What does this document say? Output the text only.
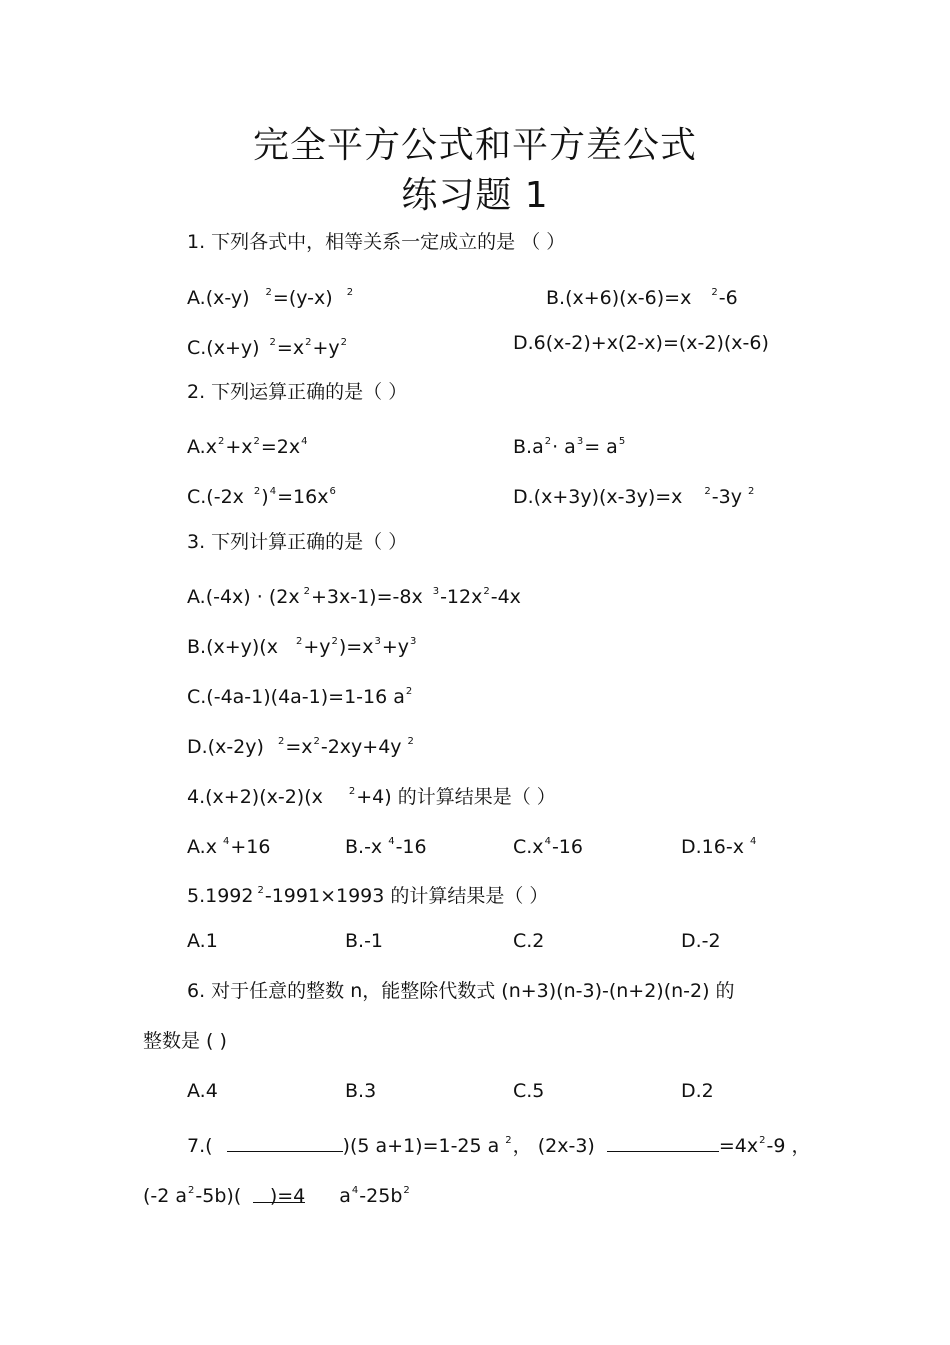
完全平方公式和平方差公式
练习题 1
1. 下列各式中，相等关系一定成立的是 （ ）
A.(x-y) $^2$=(y-x) $^2$	B.(x+6)(x-6)=x $^2$-6
C.(x+y) $^2=x^2+y^2$	D.6(x-2)+x(2-x)=(x-2)(x-6)
2. 下列运算正确的是（ ）
$A.x^2+x^2=2x^4$	$B.a^2\cdot a^3= a^5$
C.(-2x $^2)^4=16x^6$	D.(x+3y)(x-3y)=x $^2$-3y $^2$
3. 下列计算正确的是（ ）
A.(-4x) · (2x $^2$+3x-1)=-8x $^3-12x^2-4x$
B.(x+y)(x $^2+y^2)=x^3+y^3$
C.(-4a-1)(4a-1)=1-16 $a^2$
D.(x-2y) $^2=x^2-2xy+4y$ $^2$
4.(x+2)(x-2)(x	$^2$+4) 的计算结果是（ ）
A.x $^4$+16	B.-x $^4$-16	$C.x^4-16$	D.16-x $^4$
5.1992 $^2$-1991×1993 的计算结果是（ ）
A.1	B.-1	C.2	D.-2
6. 对于任意的整数 n，能整除代数式 (n+3)(n-3)-(n+2)(n-2) 的
整数是 ( )
A.4	B.3	C.5	D.2
7.(	)(5 a+1)=1-25 a $^2$， (2x-3)	$=4x^2-9$ ，
(-2 $a^2-5b$)( )=4 $a^4-25b^2$
